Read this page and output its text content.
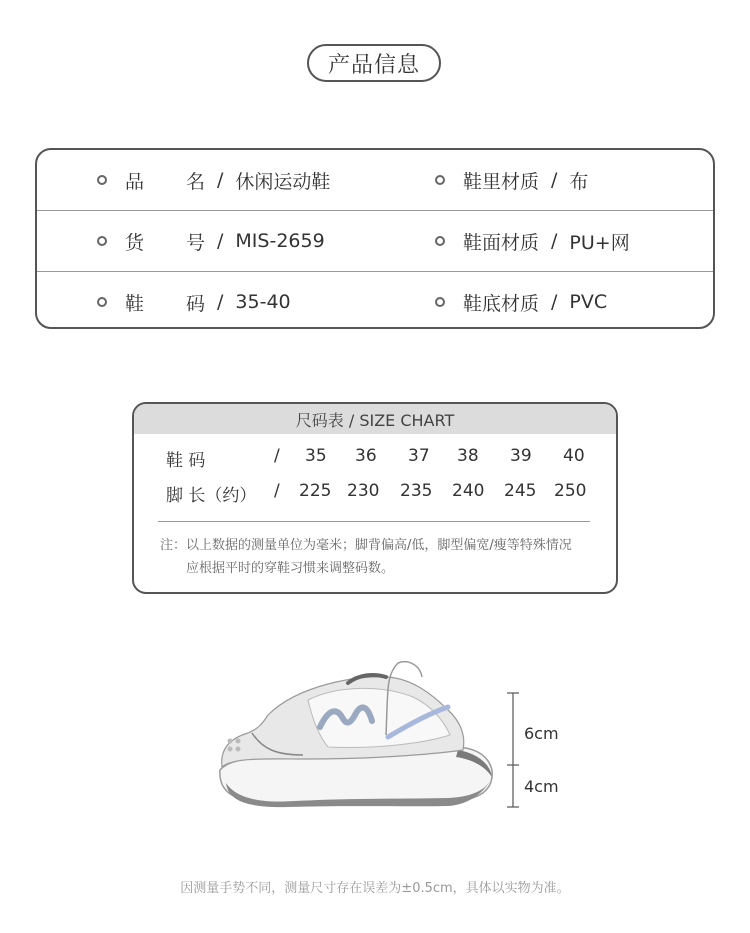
产品信息
品 名 / 休闲运动鞋	鞋里材质 / 布
货 号 / MIS-2659	鞋面材质 / PU+网
鞋 码 / 35-40	鞋底材质 / PVC
尺码表 / SIZE CHART
鞋 码	/ 35 36 37 38 39 40
脚 长（约） / 225 230 235 240 245 250
注：以上数据的测量单位为毫米；脚背偏高/低，脚型偏宽/瘦等特殊情况
应根据平时的穿鞋习惯来调整码数。
6cm
4cm
因测量手势不同，测量尺寸存在误差为±0.5cm，具体以实物为准。
